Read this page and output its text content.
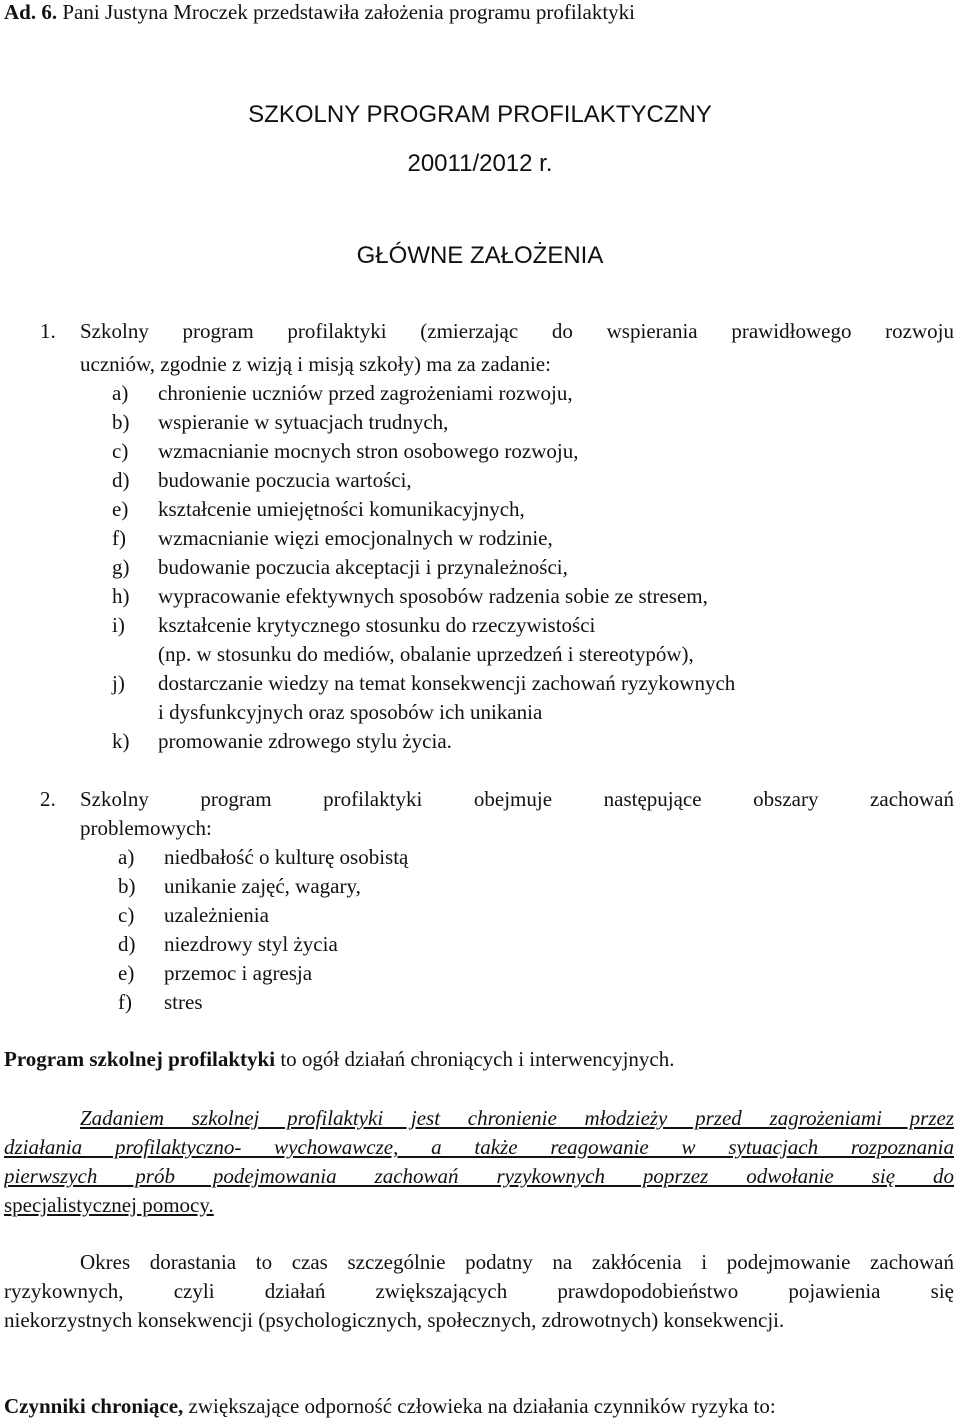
Ad. 6. Pani Justyna Mroczek przedstawiła założenia programu profilaktyki
SZKOLNY PROGRAM PROFILAKTYCZNY
20011/2012 r.
GŁÓWNE ZAŁOŻENIA
1. Szkolny program profilaktyki (zmierzając do wspierania prawidłowego rozwoju
uczniów, zgodnie z wizją i misją szkoły) ma za zadanie:
a) chronienie uczniów przed zagrożeniami rozwoju,
b) wspieranie w sytuacjach trudnych,
c) wzmacnianie mocnych stron osobowego rozwoju,
d) budowanie poczucia wartości,
e) kształcenie umiejętności komunikacyjnych,
f) wzmacnianie więzi emocjonalnych w rodzinie,
g) budowanie poczucia akceptacji i przynależności,
h) wypracowanie efektywnych sposobów radzenia sobie ze stresem,
i) kształcenie krytycznego stosunku do rzeczywistości
(np. w stosunku do mediów, obalanie uprzedzeń i stereotypów),
j) dostarczanie wiedzy na temat konsekwencji zachowań ryzykownych
i dysfunkcyjnych oraz sposobów ich unikania
k) promowanie zdrowego stylu życia.
2. Szkolny program profilaktyki obejmuje następujące obszary zachowań
problemowych:
a) niedbałość o kulturę osobistą
b) unikanie zajęć, wagary,
c) uzależnienia
d) niezdrowy styl życia
e) przemoc i agresja
f) stres
Program szkolnej profilaktyki to ogół działań chroniących i interwencyjnych.
Zadaniem szkolnej profilaktyki jest chronienie młodzieży przed zagrożeniami przez
działania profilaktyczno- wychowawcze, a także reagowanie w sytuacjach rozpoznania
pierwszych prób podejmowania zachowań ryzykownych poprzez odwołanie się do
specjalistycznej pomocy.
Okres dorastania to czas szczególnie podatny na zakłócenia i podejmowanie zachowań
ryzykownych, czyli działań zwiększających prawdopodobieństwo pojawienia się
niekorzystnych konsekwencji (psychologicznych, społecznych, zdrowotnych) konsekwencji.
Czynniki chroniące, zwiększające odporność człowieka na działania czynników ryzyka to:
